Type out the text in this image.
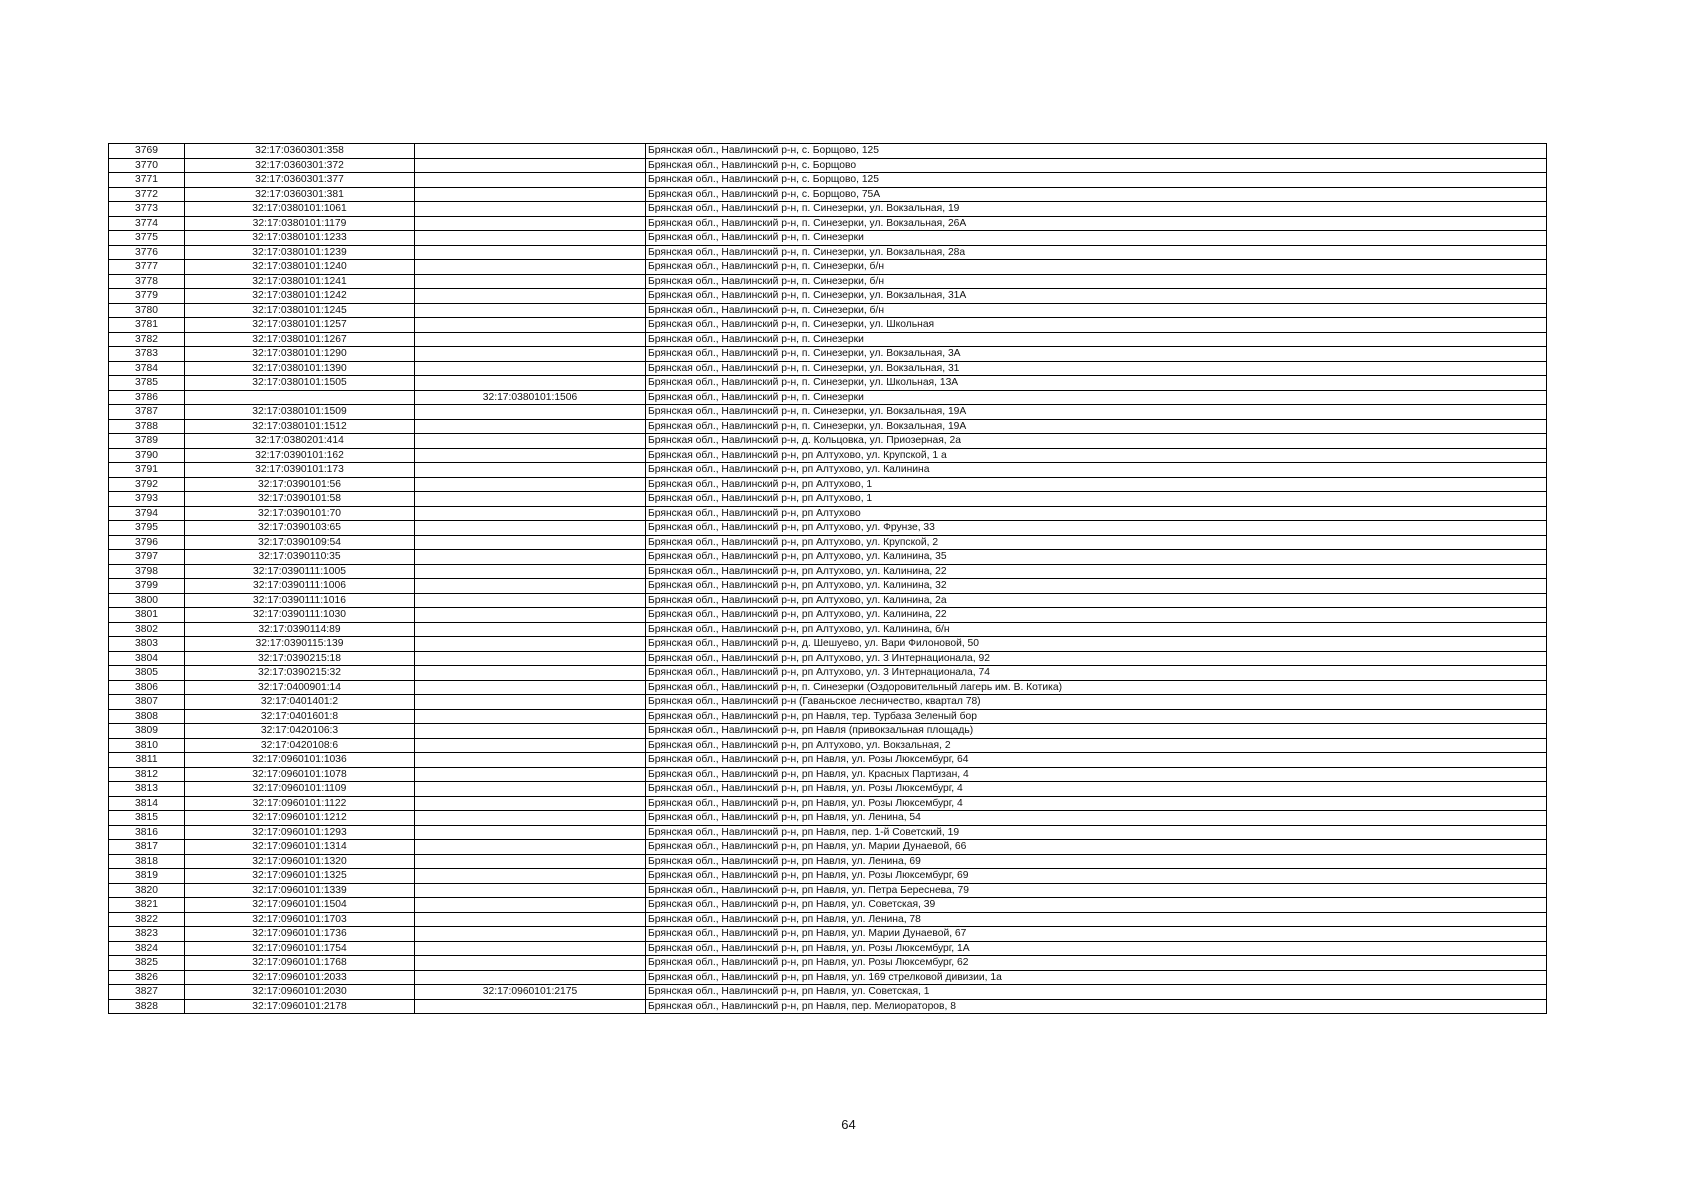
3769	32:17:0360301:358		Брянская обл., Навлинский р-н, с. Борщово, 125
3770	32:17:0360301:372		Брянская обл., Навлинский р-н, с. Борщово
3771	32:17:0360301:377		Брянская обл., Навлинский р-н, с. Борщово, 125
3772	32:17:0360301:381		Брянская обл., Навлинский р-н, с. Борщово, 75А
3773	32:17:0380101:1061		Брянская обл., Навлинский р-н, п. Синезерки, ул. Вокзальная, 19
3774	32:17:0380101:1179		Брянская обл., Навлинский р-н, п. Синезерки, ул. Вокзальная, 26А
3775	32:17:0380101:1233		Брянская обл., Навлинский р-н, п. Синезерки
3776	32:17:0380101:1239		Брянская обл., Навлинский р-н, п. Синезерки, ул. Вокзальная, 28а
3777	32:17:0380101:1240		Брянская обл., Навлинский р-н, п. Синезерки, б/н
3778	32:17:0380101:1241		Брянская обл., Навлинский р-н, п. Синезерки, б/н
3779	32:17:0380101:1242		Брянская обл., Навлинский р-н, п. Синезерки, ул. Вокзальная, 31А
3780	32:17:0380101:1245		Брянская обл., Навлинский р-н, п. Синезерки, б/н
3781	32:17:0380101:1257		Брянская обл., Навлинский р-н, п. Синезерки, ул. Школьная
3782	32:17:0380101:1267		Брянская обл., Навлинский р-н, п. Синезерки
3783	32:17:0380101:1290		Брянская обл., Навлинский р-н, п. Синезерки, ул. Вокзальная, 3А
3784	32:17:0380101:1390		Брянская обл., Навлинский р-н, п. Синезерки, ул. Вокзальная, 31
3785	32:17:0380101:1505		Брянская обл., Навлинский р-н, п. Синезерки, ул. Школьная, 13А
3786		32:17:0380101:1506	Брянская обл., Навлинский р-н, п. Синезерки
3787	32:17:0380101:1509		Брянская обл., Навлинский р-н, п. Синезерки, ул. Вокзальная, 19А
3788	32:17:0380101:1512		Брянская обл., Навлинский р-н, п. Синезерки, ул. Вокзальная, 19А
3789	32:17:0380201:414		Брянская обл., Навлинский р-н, д. Кольцовка, ул. Приозерная, 2а
3790	32:17:0390101:162		Брянская обл., Навлинский р-н, рп Алтухово, ул. Крупской, 1 а
3791	32:17:0390101:173		Брянская обл., Навлинский р-н, рп Алтухово, ул. Калинина
3792	32:17:0390101:56		Брянская обл., Навлинский р-н, рп Алтухово, 1
3793	32:17:0390101:58		Брянская обл., Навлинский р-н, рп Алтухово, 1
3794	32:17:0390101:70		Брянская обл., Навлинский р-н, рп Алтухово
3795	32:17:0390103:65		Брянская обл., Навлинский р-н, рп Алтухово, ул. Фрунзе, 33
3796	32:17:0390109:54		Брянская обл., Навлинский р-н, рп Алтухово, ул. Крупской, 2
3797	32:17:0390110:35		Брянская обл., Навлинский р-н, рп Алтухово, ул. Калинина, 35
3798	32:17:0390111:1005		Брянская обл., Навлинский р-н, рп Алтухово, ул. Калинина, 22
3799	32:17:0390111:1006		Брянская обл., Навлинский р-н, рп Алтухово, ул. Калинина, 32
3800	32:17:0390111:1016		Брянская обл., Навлинский р-н, рп Алтухово, ул. Калинина, 2а
3801	32:17:0390111:1030		Брянская обл., Навлинский р-н, рп Алтухово, ул. Калинина, 22
3802	32:17:0390114:89		Брянская обл., Навлинский р-н, рп Алтухово, ул. Калинина, б/н
3803	32:17:0390115:139		Брянская обл., Навлинский р-н, д. Шешуево, ул. Вари Филоновой, 50
3804	32:17:0390215:18		Брянская обл., Навлинский р-н, рп Алтухово, ул. 3 Интернационала, 92
3805	32:17:0390215:32		Брянская обл., Навлинский р-н, рп Алтухово, ул. 3 Интернационала, 74
3806	32:17:0400901:14		Брянская обл., Навлинский р-н, п. Синезерки (Оздоровительный лагерь им. В. Котика)
3807	32:17:0401401:2		Брянская обл., Навлинский р-н (Гаваньское лесничество, квартал 78)
3808	32:17:0401601:8		Брянская обл., Навлинский р-н, рп Навля, тер. Турбаза Зеленый бор
3809	32:17:0420106:3		Брянская обл., Навлинский р-н, рп Навля (привокзальная площадь)
3810	32:17:0420108:6		Брянская обл., Навлинский р-н, рп Алтухово, ул. Вокзальная, 2
3811	32:17:0960101:1036		Брянская обл., Навлинский р-н, рп Навля, ул. Розы Люксембург, 64
3812	32:17:0960101:1078		Брянская обл., Навлинский р-н, рп Навля, ул. Красных Партизан, 4
3813	32:17:0960101:1109		Брянская обл., Навлинский р-н, рп Навля, ул. Розы Люксембург, 4
3814	32:17:0960101:1122		Брянская обл., Навлинский р-н, рп Навля, ул. Розы Люксембург, 4
3815	32:17:0960101:1212		Брянская обл., Навлинский р-н, рп Навля, ул. Ленина, 54
3816	32:17:0960101:1293		Брянская обл., Навлинский р-н, рп Навля, пер. 1-й Советский, 19
3817	32:17:0960101:1314		Брянская обл., Навлинский р-н, рп Навля, ул. Марии Дунаевой, 66
3818	32:17:0960101:1320		Брянская обл., Навлинский р-н, рп Навля, ул. Ленина, 69
3819	32:17:0960101:1325		Брянская обл., Навлинский р-н, рп Навля, ул. Розы Люксембург, 69
3820	32:17:0960101:1339		Брянская обл., Навлинский р-н, рп Навля, ул. Петра Береснева, 79
3821	32:17:0960101:1504		Брянская обл., Навлинский р-н, рп Навля, ул. Советская, 39
3822	32:17:0960101:1703		Брянская обл., Навлинский р-н, рп Навля, ул. Ленина, 78
3823	32:17:0960101:1736		Брянская обл., Навлинский р-н, рп Навля, ул. Марии Дунаевой, 67
3824	32:17:0960101:1754		Брянская обл., Навлинский р-н, рп Навля, ул. Розы Люксембург, 1А
3825	32:17:0960101:1768		Брянская обл., Навлинский р-н, рп Навля, ул. Розы Люксембург, 62
3826	32:17:0960101:2033		Брянская обл., Навлинский р-н, рп Навля, ул. 169 стрелковой дивизии, 1а
3827	32:17:0960101:2030	32:17:0960101:2175	Брянская обл., Навлинский р-н, рп Навля, ул. Советская, 1
3828	32:17:0960101:2178		Брянская обл., Навлинский р-н, рп Навля, пер. Мелиораторов, 8
64
